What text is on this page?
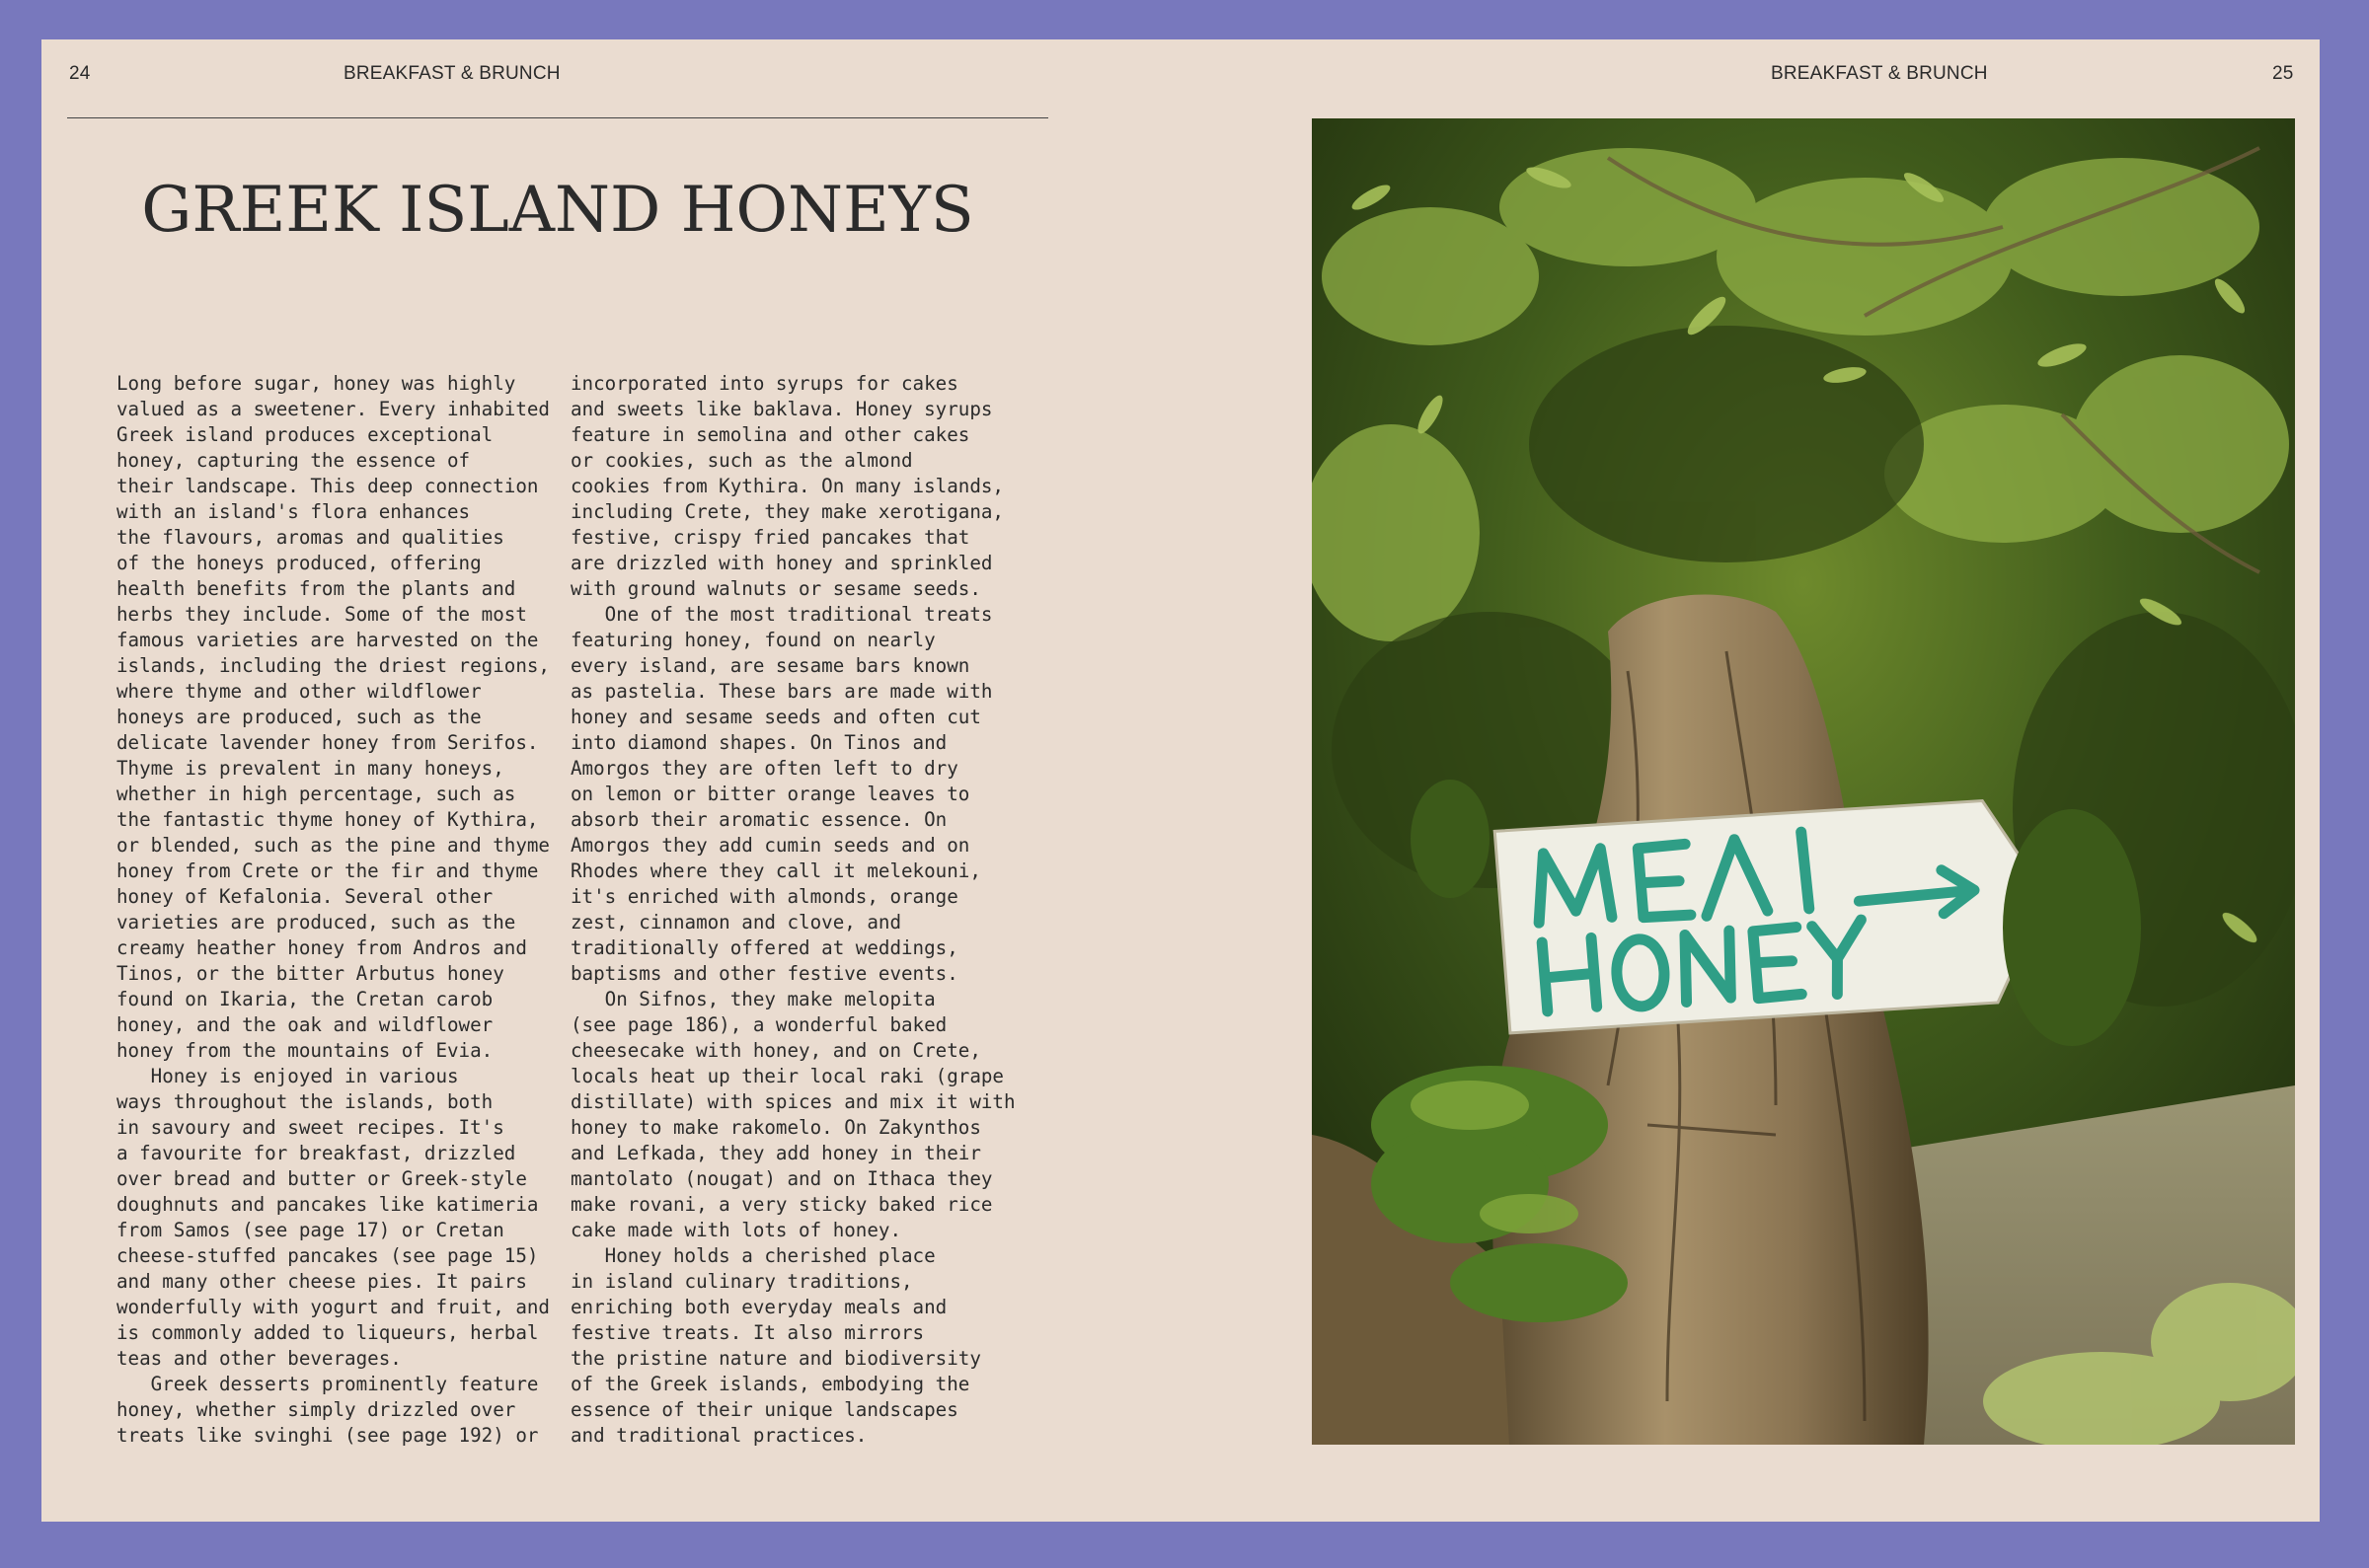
24	BREAKFAST & BRUNCH	BREAKFAST & BRUNCH	25
GREEK ISLAND HONEYS
Long before sugar, honey was highly
valued as a sweetener. Every inhabited
Greek island produces exceptional
honey, capturing the essence of
their landscape. This deep connection
with an island's flora enhances
the flavours, aromas and qualities
of the honeys produced, offering
health benefits from the plants and
herbs they include. Some of the most
famous varieties are harvested on the
islands, including the driest regions,
where thyme and other wildflower
honeys are produced, such as the
delicate lavender honey from Serifos.
Thyme is prevalent in many honeys,
whether in high percentage, such as
the fantastic thyme honey of Kythira,
or blended, such as the pine and thyme
honey from Crete or the fir and thyme
honey of Kefalonia. Several other
varieties are produced, such as the
creamy heather honey from Andros and
Tinos, or the bitter Arbutus honey
found on Ikaria, the Cretan carob
honey, and the oak and wildflower
honey from the mountains of Evia.
Honey is enjoyed in various
ways throughout the islands, both
in savoury and sweet recipes. It's
a favourite for breakfast, drizzled
over bread and butter or Greek-style
doughnuts and pancakes like katimeria
from Samos (see page 17) or Cretan
cheese-stuffed pancakes (see page 15)
and many other cheese pies. It pairs
wonderfully with yogurt and fruit, and
is commonly added to liqueurs, herbal
teas and other beverages.
Greek desserts prominently feature
honey, whether simply drizzled over
treats like svinghi (see page 192) or
incorporated into syrups for cakes
and sweets like baklava. Honey syrups
feature in semolina and other cakes
or cookies, such as the almond
cookies from Kythira. On many islands,
including Crete, they make xerotigana,
festive, crispy fried pancakes that
are drizzled with honey and sprinkled
with ground walnuts or sesame seeds.
One of the most traditional treats
featuring honey, found on nearly
every island, are sesame bars known
as pastelia. These bars are made with
honey and sesame seeds and often cut
into diamond shapes. On Tinos and
Amorgos they are often left to dry
on lemon or bitter orange leaves to
absorb their aromatic essence. On
Amorgos they add cumin seeds and on
Rhodes where they call it melekouni,
it's enriched with almonds, orange
zest, cinnamon and clove, and
traditionally offered at weddings,
baptisms and other festive events.
On Sifnos, they make melopita
(see page 186), a wonderful baked
cheesecake with honey, and on Crete,
locals heat up their local raki (grape
distillate) with spices and mix it with
honey to make rakomelo. On Zakynthos
and Lefkada, they add honey in their
mantolato (nougat) and on Ithaca they
make rovani, a very sticky baked rice
cake made with lots of honey.
Honey holds a cherished place
in island culinary traditions,
enriching both everyday meals and
festive treats. It also mirrors
the pristine nature and biodiversity
of the Greek islands, embodying the
essence of their unique landscapes
and traditional practices.
